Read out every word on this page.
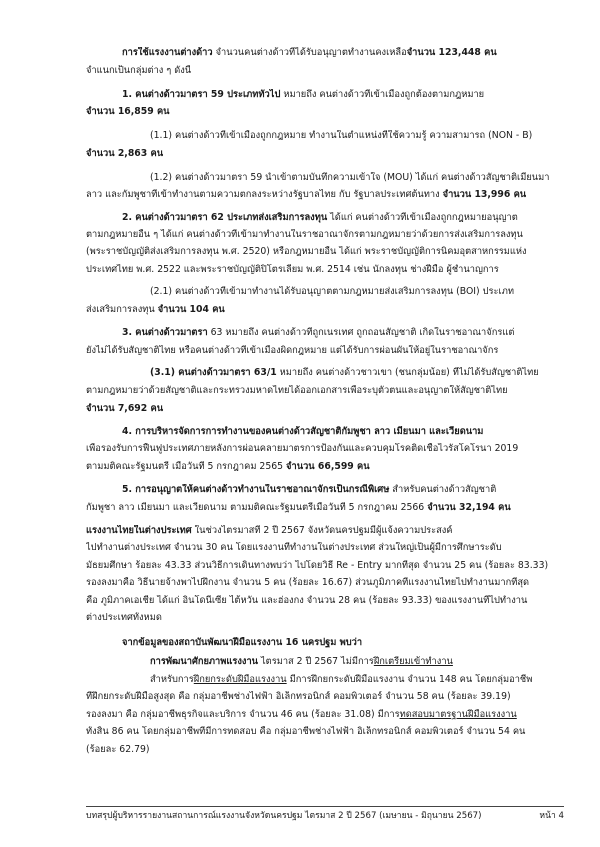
การใช้แรงงานต่างด้าว จำนวนคนต่างด้าวที่ได้รับอนุญาตทำงานคงเหลือจำนวน 123,448 คน
จำแนกเป็นกลุ่มต่าง ๆ ดังนี้
1. คนต่างด้าวมาตรา 59 ประเภททั่วไป หมายถึง คนต่างด้าวที่เข้าเมืองถูกต้องตามกฎหมาย
จำนวน 16,859 คน
(1.1) คนต่างด้าวที่เข้าเมืองถูกกฎหมาย ทำงานในตำแหน่งที่ใช้ความรู้ ความสามารถ (NON - B)
จำนวน 2,863 คน
(1.2) คนต่างด้าวมาตรา 59 นำเข้าตามบันทึกความเข้าใจ (MOU) ได้แก่ คนต่างด้าวสัญชาติเมียนมา
ลาว และกัมพูชาที่เข้าทำงานตามความตกลงระหว่างรัฐบาลไทย กับ รัฐบาลประเทศต้นทาง จำนวน 13,996 คน
2. คนต่างด้าวมาตรา 62 ประเภทส่งเสริมการลงทุน ได้แก่ คนต่างด้าวที่เข้าเมืองถูกกฎหมายอนุญาต
ตามกฎหมายอื่น ๆ ได้แก่ คนต่างด้าวที่เข้ามาทำงานในราชอาณาจักรตามกฎหมายว่าด้วยการส่งเสริมการลงทุน
(พระราชบัญญัติส่งเสริมการลงทุน พ.ศ. 2520) หรือกฎหมายอื่น ได้แก่ พระราชบัญญัติการนิคมอุตสาหกรรมแห่ง
ประเทศไทย พ.ศ. 2522 และพระราชบัญญัติปิโตรเลียม พ.ศ. 2514 เช่น นักลงทุน ช่างฝีมือ ผู้ชำนาญการ
(2.1) คนต่างด้าวที่เข้ามาทำงานได้รับอนุญาตตามกฎหมายส่งเสริมการลงทุน (BOI) ประเภท
ส่งเสริมการลงทุน จำนวน 104 คน
3. คนต่างด้าวมาตรา 63 หมายถึง คนต่างด้าวที่ถูกเนรเทศ ถูกถอนสัญชาติ เกิดในราชอาณาจักรแต่
ยังไม่ได้รับสัญชาติไทย หรือคนต่างด้าวที่เข้าเมืองผิดกฎหมาย แต่ได้รับการผ่อนผันให้อยู่ในราชอาณาจักร
(3.1) คนต่างด้าวมาตรา 63/1 หมายถึง คนต่างด้าวชาวเขา (ชนกลุ่มน้อย) ที่ไม่ได้รับสัญชาติไทย
ตามกฎหมายว่าด้วยสัญชาติและกระทรวงมหาดไทยได้ออกเอกสารเพื่อระบุตัวตนและอนุญาตให้สัญชาติไทย
จำนวน 7,692 คน
4. การบริหารจัดการการทำงานของคนต่างด้าวสัญชาติกัมพูชา ลาว เมียนมา และเวียดนาม
เพื่อรองรับการฟื้นฟูประเทศภายหลังการผ่อนคลายมาตรการป้องกันและควบคุมโรคติดเชื้อไวรัสโคโรนา 2019
ตามมติคณะรัฐมนตรี เมื่อวันที่ 5 กรกฎาคม 2565 จำนวน 66,599 คน
5. การอนุญาตให้คนต่างด้าวทำงานในราชอาณาจักรเป็นกรณีพิเศษ สำหรับคนต่างด้าวสัญชาติ
กัมพูชา ลาว เมียนมา และเวียดนาม ตามมติคณะรัฐมนตรีเมื่อวันที่ 5 กรกฎาคม 2566 จำนวน 32,194 คน
แรงงานไทยในต่างประเทศ ในช่วงไตรมาสที่ 2 ปี 2567 จังหวัดนครปฐมมีผู้แจ้งความประสงค์
ไปทำงานต่างประเทศ จำนวน 30 คน โดยแรงงานที่ทำงานในต่างประเทศ ส่วนใหญ่เป็นผู้มีการศึกษาระดับ
มัธยมศึกษา ร้อยละ 43.33 ส่วนวิธีการเดินทางพบว่า ไปโดยวิธี Re - Entry มากที่สุด จำนวน 25 คน (ร้อยละ 83.33)
รองลงมาคือ วิธีนายจ้างพาไปฝึกงาน จำนวน 5 คน (ร้อยละ 16.67) ส่วนภูมิภาคที่แรงงานไทยไปทำงานมากที่สุด
คือ ภูมิภาคเอเชีย ได้แก่ อินโดนีเซีย ไต้หวัน และฮ่องกง จำนวน 28 คน (ร้อยละ 93.33) ของแรงงานที่ไปทำงาน
ต่างประเทศทั้งหมด
จากข้อมูลของสถาบันพัฒนาฝีมือแรงงาน 16 นครปฐม พบว่า
การพัฒนาศักยภาพแรงงาน ไตรมาส 2 ปี 2567 ไม่มีการฝึกเตรียมเข้าทำงาน
สำหรับการฝึกยกระดับฝีมือแรงงาน มีการฝึกยกระดับฝีมือแรงงาน จำนวน 148 คน โดยกลุ่มอาชีพ
ที่ฝึกยกระดับฝีมือสูงสุด คือ กลุ่มอาชีพช่างไฟฟ้า อิเล็กทรอนิกส์ คอมพิวเตอร์ จำนวน 58 คน (ร้อยละ 39.19)
รองลงมา คือ กลุ่มอาชีพธุรกิจและบริการ จำนวน 46 คน (ร้อยละ 31.08) มีการทดสอบมาตรฐานฝีมือแรงงาน
ทั้งสิ้น 86 คน โดยกลุ่มอาชีพที่มีการทดสอบ คือ กลุ่มอาชีพช่างไฟฟ้า อิเล็กทรอนิกส์ คอมพิวเตอร์ จำนวน 54 คน
(ร้อยละ 62.79)
บทสรุปผู้บริหารรายงานสถานการณ์แรงงานจังหวัดนครปฐม ไตรมาส 2 ปี 2567 (เมษายน - มิถุนายน 2567)	หน้า 4
